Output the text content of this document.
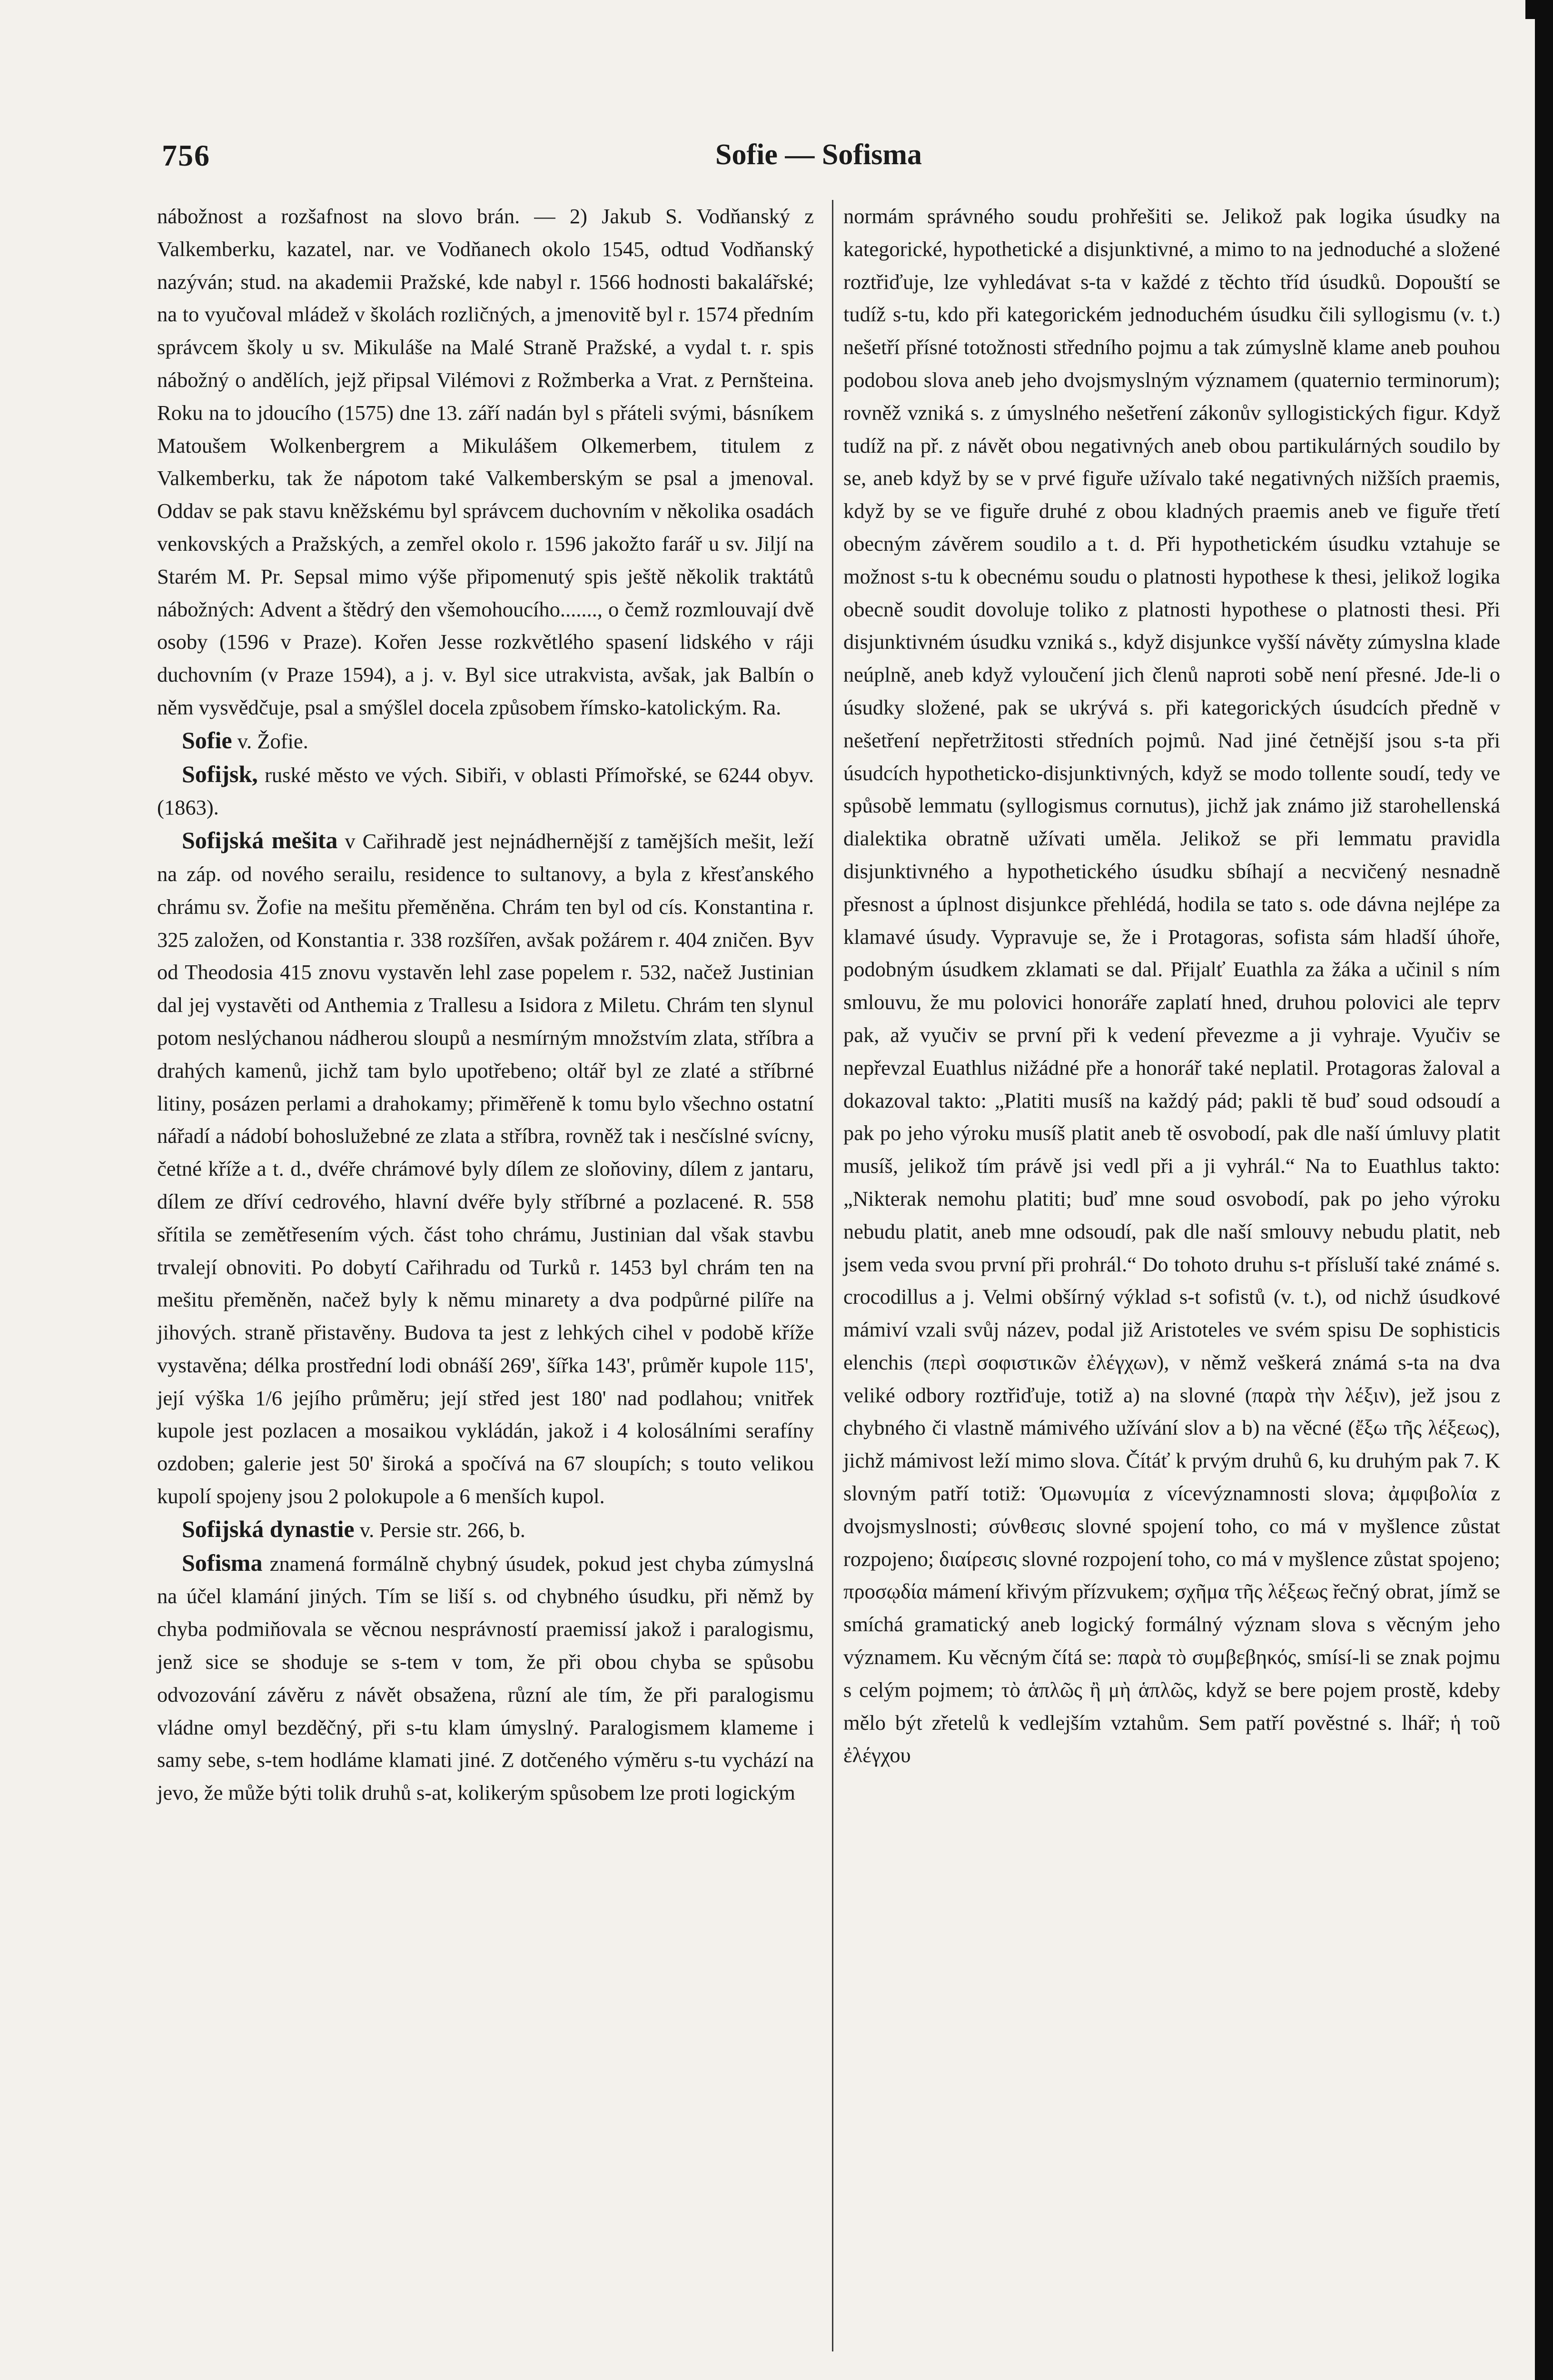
756	Sofie — Sofisma

nábožnost a rozšafnost na slovo brán. — 2) Jakub S. Vodňanský z Valkemberku, kazatel, nar. ve Vodňanech okolo 1545, odtud Vodňanský nazýván; stud. na akademii Pražské, kde nabyl r. 1566 hodnosti bakalářské; na to vyučoval mládež v školách rozličných, a jmenovitě byl r. 1574 předním správcem školy u sv. Mikuláše na Malé Straně Pražské, a vydal t. r. spis nábožný o andělích, jejž připsal Vilémovi z Rožmberka a Vrat. z Pernšteina. Roku na to jdoucího (1575) dne 13. září nadán byl s přáteli svými, básníkem Matoušem Wolkenbergrem a Mikulášem Olkemerbem, titulem z Valkemberku, tak že nápotom také Valkemberským se psal a jmenoval. Oddav se pak stavu kněžskému byl správcem duchovním v několika osadách venkovských a Pražských, a zemřel okolo r. 1596 jakožto farář u sv. Jiljí na Starém M. Pr. Sepsal mimo výše připomenutý spis ještě několik traktátů nábožných: Advent a štědrý den všemohoucího......., o čemž rozmlouvají dvě osoby (1596 v Praze). Kořen Jesse rozkvětlého spasení lidského v ráji duchovním (v Praze 1594), a j. v. Byl sice utrakvista, avšak, jak Balbín o něm vysvědčuje, psal a smýšlel docela způsobem římsko-katolickým. Ra.

Sofie v. Žofie.

Sofijsk, ruské město ve vých. Sibiři, v oblasti Přímořské, se 6244 obyv. (1863).

Sofijská mešita v Cařihradě jest nejnádhernější z tamějších mešit, leží na záp. od nového serailu, residence to sultanovy, a byla z křesťanského chrámu sv. Žofie na mešitu přeměněna. Chrám ten byl od cís. Konstantina r. 325 založen, od Konstantia r. 338 rozšířen, avšak požárem r. 404 zničen. Byv od Theodosia 415 znovu vystavěn lehl zase popelem r. 532, načež Justinian dal jej vystavěti od Anthemia z Trallesu a Isidora z Miletu. Chrám ten slynul potom neslýchanou nádherou sloupů a nesmírným množstvím zlata, stříbra a drahých kamenů, jichž tam bylo upotřebeno; oltář byl ze zlaté a stříbrné litiny, posázen perlami a drahokamy; přiměřeně k tomu bylo všechno ostatní nářadí a nádobí bohoslužebné ze zlata a stříbra, rovněž tak i nesčíslné svícny, četné kříže a t. d., dvéře chrámové byly dílem ze sloňoviny, dílem z jantaru, dílem ze dříví cedrového, hlavní dvéře byly stříbrné a pozlacené. R. 558 sřítila se zemětřesením vých. část toho chrámu, Justinian dal však stavbu trvalejí obnoviti. Po dobytí Cařihradu od Turků r. 1453 byl chrám ten na mešitu přeměněn, načež byly k němu minarety a dva podpůrné pilíře na jihových. straně přistavěny. Budova ta jest z lehkých cihel v podobě kříže vystavěna; délka prostřední lodi obnáší 269', šířka 143', průměr kupole 115', její výška 1/6 jejího průměru; její střed jest 180' nad podlahou; vnitřek kupole jest pozlacen a mosaikou vykládán, jakož i 4 kolosálními serafíny ozdoben; galerie jest 50' široká a spočívá na 67 sloupích; s touto velikou kupolí spojeny jsou 2 polokupole a 6 menších kupol.

Sofijská dynastie v. Persie str. 266, b.

Sofisma znamená formálně chybný úsudek, pokud jest chyba zúmyslná na účel klamání jiných. Tím se liší s. od chybného úsudku, při němž by chyba podmiňovala se věcnou nesprávností praemissí jakož i paralogismu, jenž sice se shoduje se s-tem v tom, že při obou chyba se spůsobu odvozování závěru z návět obsažena, různí ale tím, že při paralogismu vládne omyl bezděčný, při s-tu klam úmyslný. Paralogismem klameme i samy sebe, s-tem hodláme klamati jiné. Z dotčeného výměru s-tu vychází na jevo, že může býti tolik druhů s-at, kolikerým spůsobem lze proti logickým

normám správného soudu prohřešiti se. Jelikož pak logika úsudky na kategorické, hypothetické a disjunktivné, a mimo to na jednoduché a složené roztřiďuje, lze vyhledávat s-ta v každé z těchto tříd úsudků. Dopouští se tudíž s-tu, kdo při kategorickém jednoduchém úsudku čili syllogismu (v. t.) nešetří přísné totožnosti středního pojmu a tak zúmyslně klame aneb pouhou podobou slova aneb jeho dvojsmyslným významem (quaternio terminorum); rovněž vzniká s. z úmyslného nešetření zákonův syllogistických figur. Když tudíž na př. z návět obou negativných aneb obou partikulárných soudilo by se, aneb když by se v prvé figuře užívalo také negativných nižších praemis, když by se ve figuře druhé z obou kladných praemis aneb ve figuře třetí obecným závěrem soudilo a t. d. Při hypothetickém úsudku vztahuje se možnost s-tu k obecnému soudu o platnosti hypothese k thesi, jelikož logika obecně soudit dovoluje toliko z platnosti hypothese o platnosti thesi. Při disjunktivném úsudku vzniká s., když disjunkce vyšší návěty zúmyslna klade neúplně, aneb když vyloučení jich členů naproti sobě není přesné. Jde-li o úsudky složené, pak se ukrývá s. při kategorických úsudcích předně v nešetření nepřetržitosti středních pojmů. Nad jiné četnější jsou s-ta při úsudcích hypotheticko-disjunktivných, když se modo tollente soudí, tedy ve spůsobě lemmatu (syllogismus cornutus), jichž jak známo již starohellenská dialektika obratně užívati uměla. Jelikož se při lemmatu pravidla disjunktivného a hypothetického úsudku sbíhají a necvičený nesnadně přesnost a úplnost disjunkce přehlédá, hodila se tato s. ode dávna nejlépe za klamavé úsudy. Vypravuje se, že i Protagoras, sofista sám hladší úhoře, podobným úsudkem zklamati se dal. Přijalť Euathla za žáka a učinil s ním smlouvu, že mu polovici honoráře zaplatí hned, druhou polovici ale teprv pak, až vyučiv se první při k vedení převezme a ji vyhraje. Vyučiv se nepřevzal Euathlus nižádné pře a honorář také neplatil. Protagoras žaloval a dokazoval takto: „Platiti musíš na každý pád; pakli tě buď soud odsoudí a pak po jeho výroku musíš platit aneb tě osvobodí, pak dle naší úmluvy platit musíš, jelikož tím právě jsi vedl při a ji vyhrál.“ Na to Euathlus takto: „Nikterak nemohu platiti; buď mne soud osvobodí, pak po jeho výroku nebudu platit, aneb mne odsoudí, pak dle naší smlouvy nebudu platit, neb jsem veda svou první při prohrál.“ Do tohoto druhu s-t přísluší také známé s. crocodillus a j. Velmi obšírný výklad s-t sofistů (v. t.), od nichž úsudkové mámiví vzali svůj název, podal již Aristoteles ve svém spisu De sophisticis elenchis (περὶ σοφιστικῶν ἐλέγχων), v němž veškerá známá s-ta na dva veliké odbory roztřiďuje, totiž a) na slovné (παρὰ τὴν λέξιν), jež jsou z chybného či vlastně mámivého užívání slov a b) na věcné (ἔξω τῆς λέξεως), jichž mámivost leží mimo slova. Čítáť k prvým druhů 6, ku druhým pak 7. K slovným patří totiž: Ὁμωνυμία z vícevýznamnosti slova; ἀμφιβολία z dvojsmyslnosti; σύνθεσις slovné spojení toho, co má v myšlence zůstat rozpojeno; διαίρεσις slovné rozpojení toho, co má v myšlence zůstat spojeno; προσῳδία mámení křivým přízvukem; σχῆμα τῆς λέξεως řečný obrat, jímž se smíchá gramatický aneb logický formálný význam slova s věcným jeho významem. Ku věcným čítá se: παρὰ τὸ συμβεβηκός, smísí-li se znak pojmu s celým pojmem; τὸ ἁπλῶς ἢ μὴ ἁπλῶς, když se bere pojem prostě, kdeby mělo být zřetelů k vedlejším vztahům. Sem patří pověstné s. lhář; ἡ τοῦ ἐλέγχου
